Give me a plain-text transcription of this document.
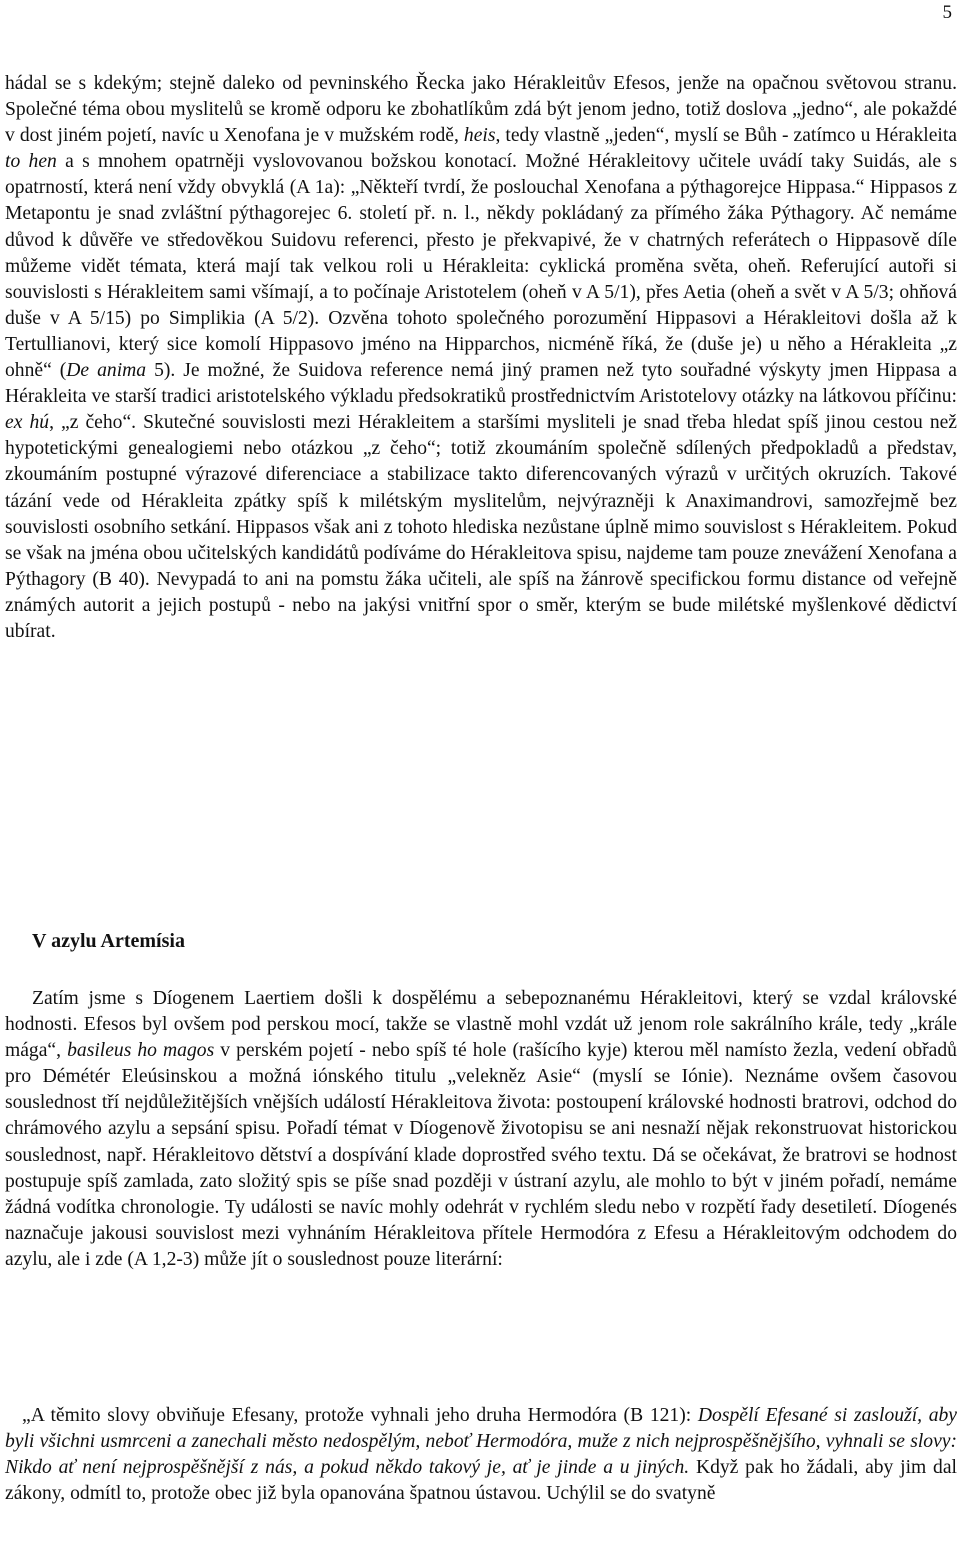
5

hádal se s kdekým; stejně daleko od pevninského Řecka jako Hérakleitův Efesos, jenže na opačnou světovou stranu. Společné téma obou myslitelů se kromě odporu ke zbohatlíkům zdá být jenom jedno, totiž doslova „jedno“, ale pokaždé v dost jiném pojetí, navíc u Xenofana je v mužském rodě, heis, tedy vlastně „jeden“, myslí se Bůh - zatímco u Hérakleita to hen a s mnohem opatrněji vyslovovanou božskou konotací. Možné Hérakleitovy učitele uvádí taky Suidás, ale s opatrností, která není vždy obvyklá (A 1a): „Někteří tvrdí, že poslouchal Xenofana a pýthagorejce Hippasa.“ Hippasos z Metapontu je snad zvláštní pýthagorejec 6. století př. n. l., někdy pokládaný za přímého žáka Pýthagory. Ač nemáme důvod k důvěře ve středověkou Suidovu referenci, přesto je překvapivé, že v chatrných referátech o Hippasově díle můžeme vidět témata, která mají tak velkou roli u Hérakleita: cyklická proměna světa, oheň. Referující autoři si souvislosti s Hérakleitem sami všímají, a to počínaje Aristotelem (oheň v A 5/1), přes Aetia (oheň a svět v A 5/3; ohňová duše v A 5/15) po Simplikia (A 5/2). Ozvěna tohoto společného porozumění Hippasovi a Hérakleitovi došla až k Tertullianovi, který sice komolí Hippasovo jméno na Hipparchos, nicméně říká, že (duše je) u něho a Hérakleita „z ohně“ (De anima 5). Je možné, že Suidova reference nemá jiný pramen než tyto souřadné výskyty jmen Hippasa a Hérakleita ve starší tradici aristotelského výkladu předsokratiků prostřednictvím Aristotelovy otázky na látkovou příčinu: ex hú, „z čeho“. Skutečné souvislosti mezi Hérakleitem a staršími mysliteli je snad třeba hledat spíš jinou cestou než hypotetickými genealogiemi nebo otázkou „z čeho“; totiž zkoumáním společně sdílených předpokladů a představ, zkoumáním postupné výrazové diferenciace a stabilizace takto diferencovaných výrazů v určitých okruzích. Takové tázání vede od Hérakleita zpátky spíš k milétským myslitelům, nejvýrazněji k Anaximandrovi, samozřejmě bez souvislosti osobního setkání. Hippasos však ani z tohoto hlediska nezůstane úplně mimo souvislost s Hérakleitem. Pokud se však na jména obou učitelských kandidátů podíváme do Hérakleitova spisu, najdeme tam pouze znevážení Xenofana a Pýthagory (B 40). Nevypadá to ani na pomstu žáka učiteli, ale spíš na žánrově specifickou formu distance od veřejně známých autorit a jejich postupů - nebo na jakýsi vnitřní spor o směr, kterým se bude milétské myšlenkové dědictví ubírat.

V azylu Artemísia

Zatím jsme s Díogenem Laertiem došli k dospělému a sebepoznanému Hérakleitovi, který se vzdal královské hodnosti. Efesos byl ovšem pod perskou mocí, takže se vlastně mohl vzdát už jenom role sakrálního krále, tedy „krále mága“, basileus ho magos v perském pojetí - nebo spíš té hole (rašícího kyje) kterou měl namísto žezla, vedení obřadů pro Démétér Eleúsinskou a možná iónského titulu „velekněz Asie“ (myslí se Iónie). Neznáme ovšem časovou souslednost tří nejdůležitějších vnějších událostí Hérakleitova života: postoupení královské hodnosti bratrovi, odchod do chrámového azylu a sepsání spisu. Pořadí témat v Díogenově životopisu se ani nesnaží nějak rekonstruovat historickou souslednost, např. Hérakleitovo dětství a dospívání klade doprostřed svého textu. Dá se očekávat, že bratrovi se hodnost postupuje spíš zamlada, zato složitý spis se píše snad později v ústraní azylu, ale mohlo to být v jiném pořadí, nemáme žádná vodítka chronologie. Ty události se navíc mohly odehrát v rychlém sledu nebo v rozpětí řady desetiletí. Díogenés naznačuje jakousi souvislost mezi vyhnáním Hérakleitova přítele Hermodóra z Efesu a Hérakleitovým odchodem do azylu, ale i zde (A 1,2-3) může jít o souslednost pouze literární:

„A těmito slovy obviňuje Efesany, protože vyhnali jeho druha Hermodóra (B 121): Dospělí Efesané si zaslouží, aby byli všichni usmrceni a zanechali město nedospělým, neboť Hermodóra, muže z nich nejprospěšnějšího, vyhnali se slovy: Nikdo ať není nejprospěšnější z nás, a pokud někdo takový je, ať je jinde a u jiných. Když pak ho žádali, aby jim dal zákony, odmítl to, protože obec již byla opanována špatnou ústavou. Uchýlil se do svatyně
